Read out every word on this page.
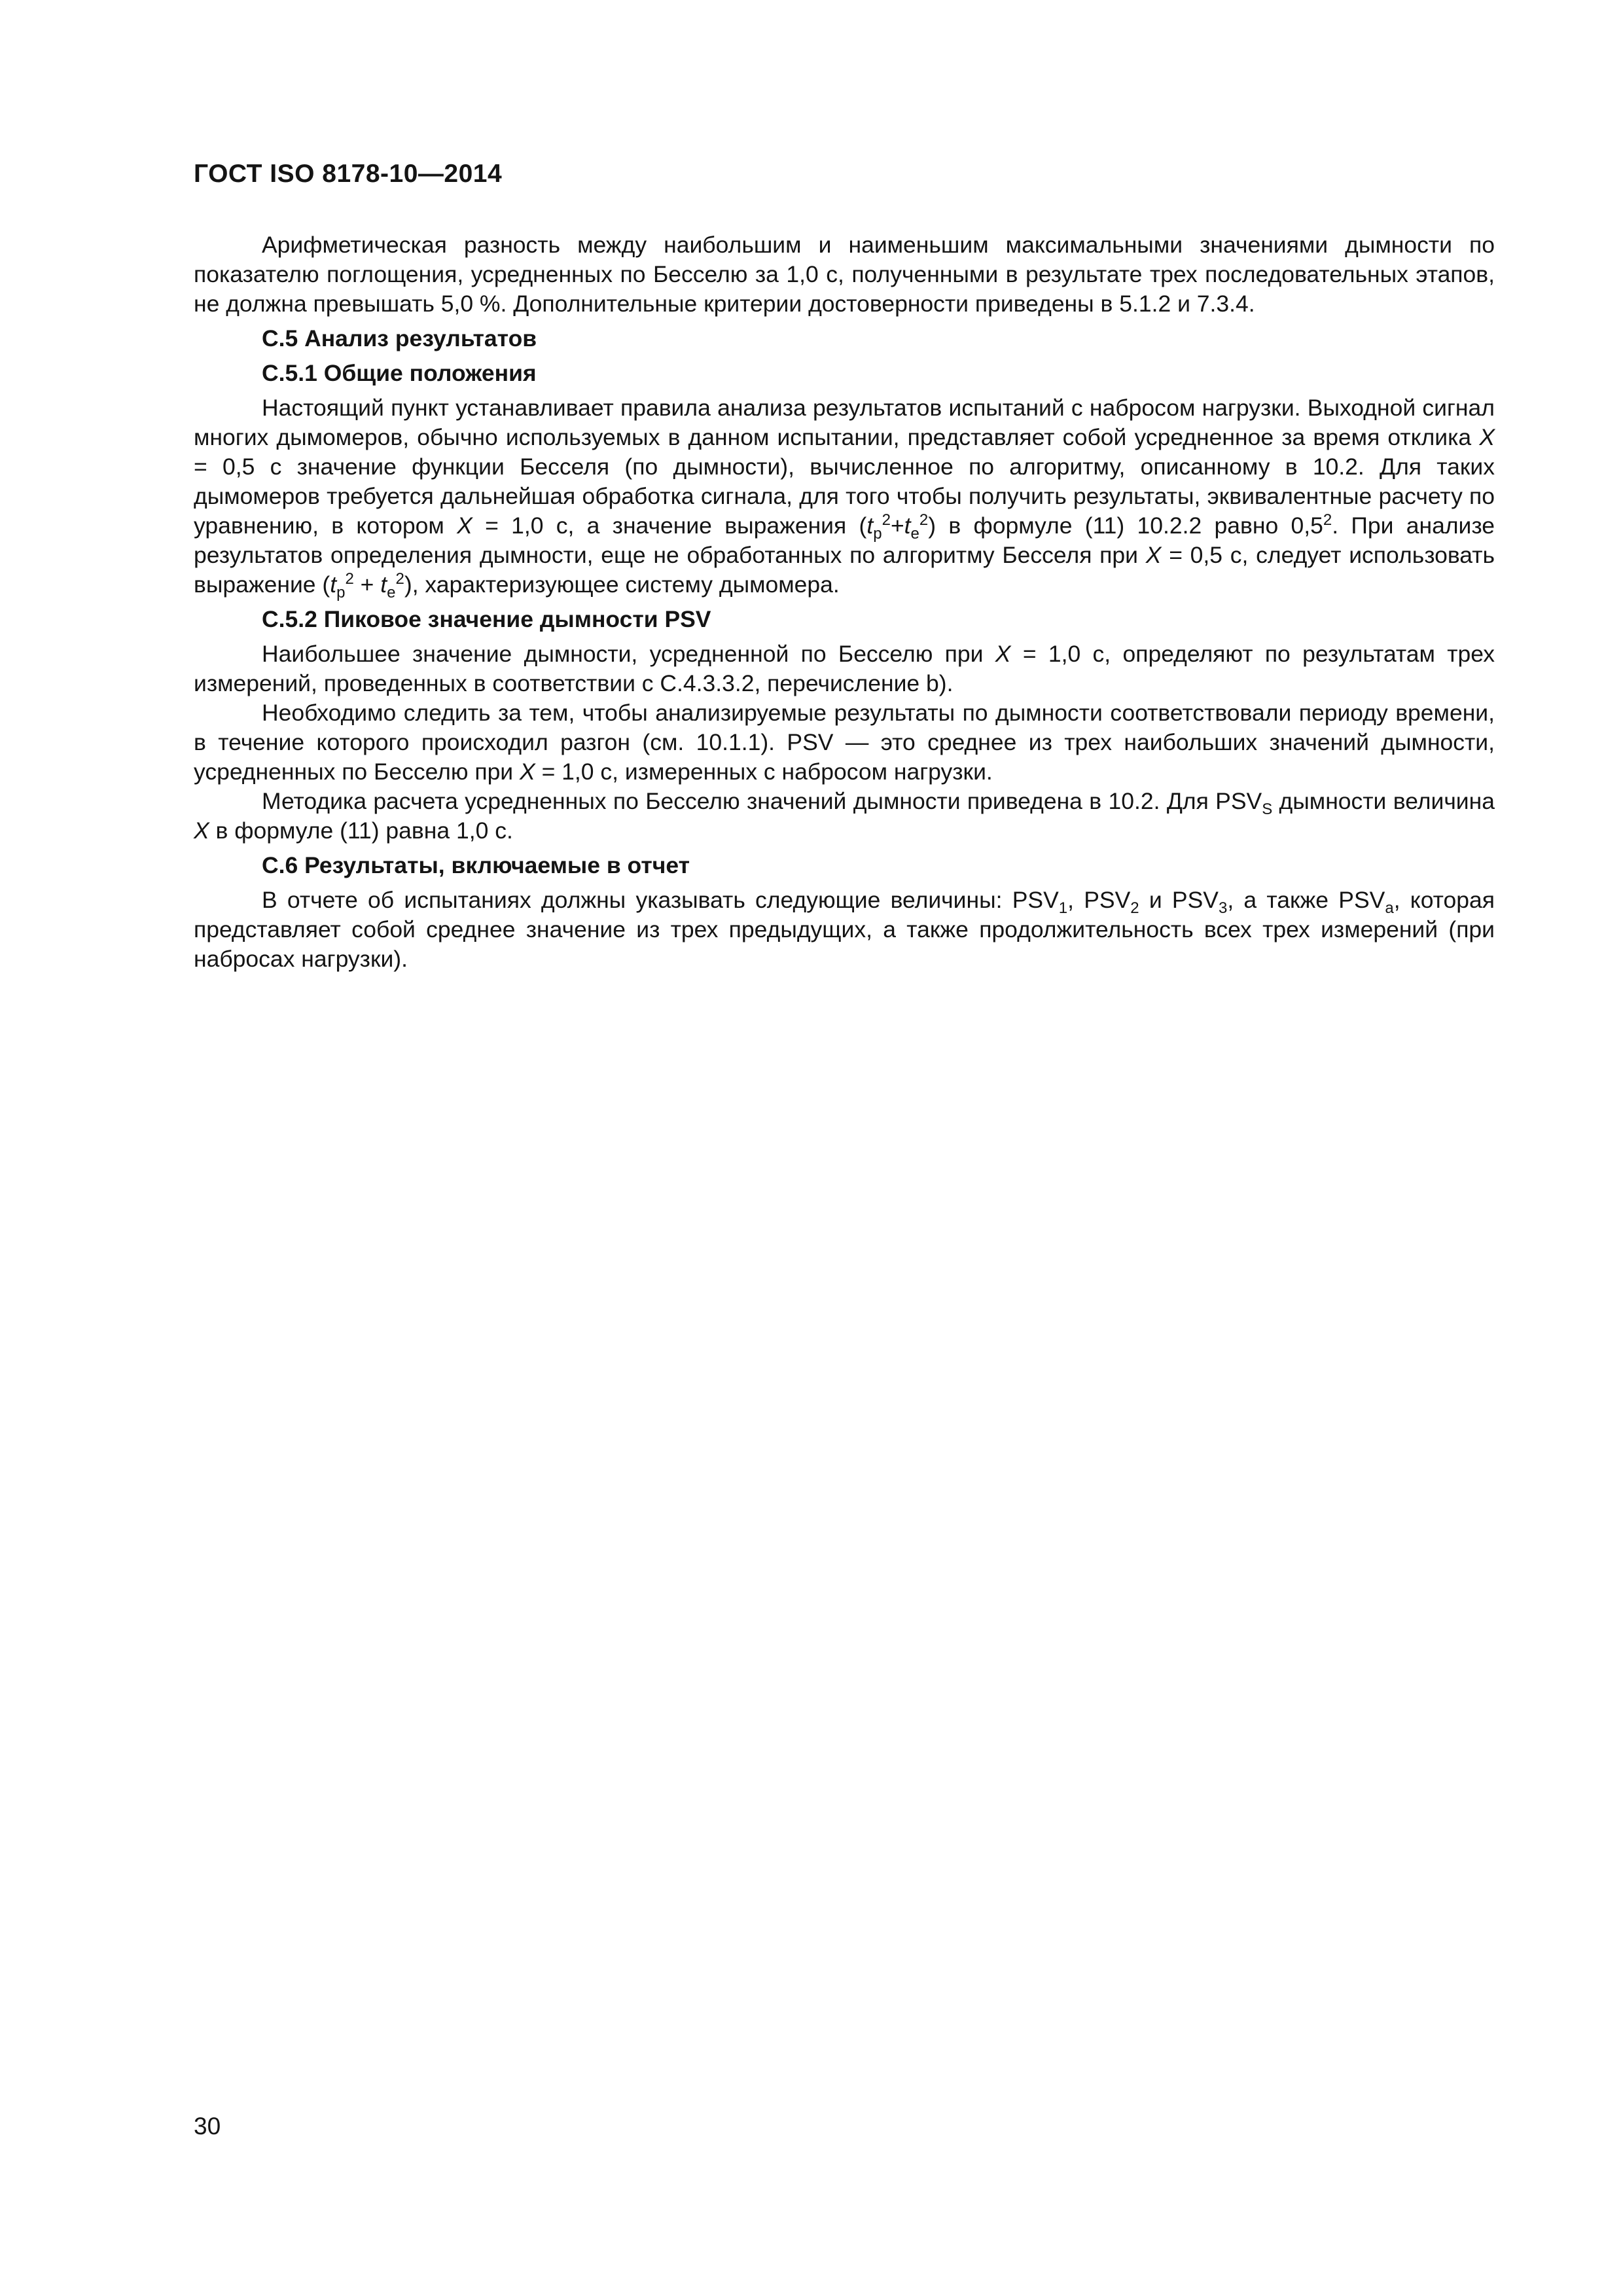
ГОСТ ISO 8178-10—2014

Арифметическая разность между наибольшим и наименьшим максимальными значениями дымности по показателю поглощения, усредненных по Бесселю за 1,0 с, полученными в результате трех последовательных этапов, не должна превышать 5,0 %. Дополнительные критерии достоверности приведены в 5.1.2 и 7.3.4.

С.5 Анализ результатов
С.5.1 Общие положения

Настоящий пункт устанавливает правила анализа результатов испытаний с набросом нагрузки. Выходной сигнал многих дымомеров, обычно используемых в данном испытании, представляет собой усредненное за время отклика X = 0,5 с значение функции Бесселя (по дымности), вычисленное по алгоритму, описанному в 10.2. Для таких дымомеров требуется дальнейшая обработка сигнала, для того чтобы получить результаты, эквивалентные расчету по уравнению, в котором X = 1,0 с, а значение выражения $(t_p^2+t_e^2)$ в формуле (11) 10.2.2 равно $0,5^2$. При анализе результатов определения дымности, еще не обработанных по алгоритму Бесселя при X = 0,5 с, следует использовать выражение $(t_p^2 + t_e^2)$, характеризующее систему дымомера.

С.5.2 Пиковое значение дымности PSV

Наибольшее значение дымности, усредненной по Бесселю при X = 1,0 с, определяют по результатам трех измерений, проведенных в соответствии с С.4.3.3.2, перечисление b).

Необходимо следить за тем, чтобы анализируемые результаты по дымности соответствовали периоду времени, в течение которого происходил разгон (см. 10.1.1). PSV — это среднее из трех наибольших значений дымности, усредненных по Бесселю при X = 1,0 с, измеренных с набросом нагрузки.

Методика расчета усредненных по Бесселю значений дымности приведена в 10.2. Для $PSV_S$ дымности величина X в формуле (11) равна 1,0 с.

С.6 Результаты, включаемые в отчет

В отчете об испытаниях должны указывать следующие величины: $PSV_1$, $PSV_2$ и $PSV_3$, а также $PSV_a$, которая представляет собой среднее значение из трех предыдущих, а также продолжительность всех трех измерений (при набросах нагрузки).

30
